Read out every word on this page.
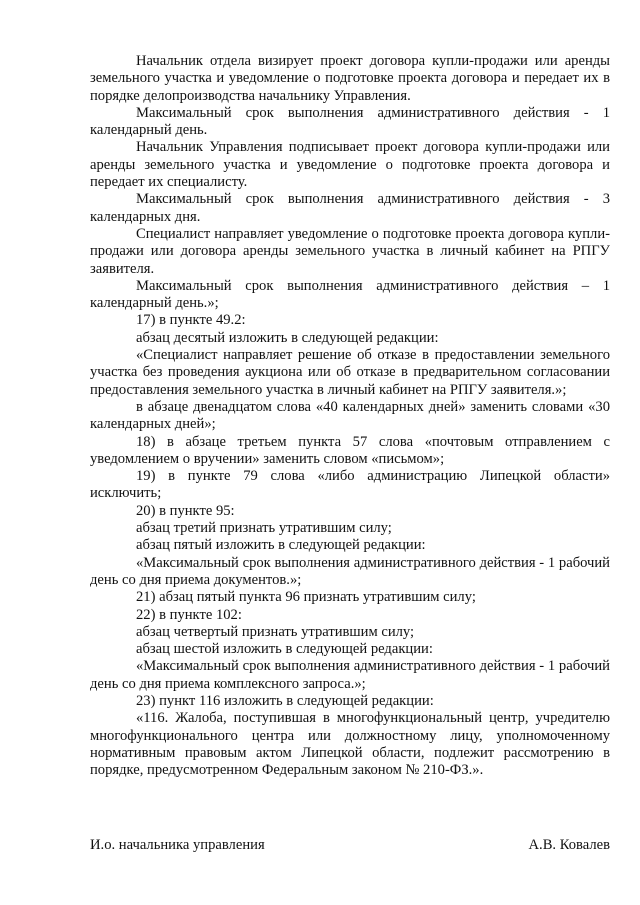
Начальник отдела визирует проект договора купли-продажи или аренды земельного участка и уведомление о подготовке проекта договора и передает их в порядке делопроизводства начальнику Управления.

Максимальный срок выполнения административного действия - 1 календарный день.

Начальник Управления подписывает проект договора купли-продажи или аренды земельного участка и уведомление о подготовке проекта договора и передает их специалисту.

Максимальный срок выполнения административного действия - 3 календарных дня.

Специалист направляет уведомление о подготовке проекта договора купли-продажи или договора аренды земельного участка в личный кабинет на РПГУ заявителя.

Максимальный срок выполнения административного действия – 1 календарный день.»;

17) в пункте 49.2:

абзац десятый изложить в следующей редакции:

«Специалист направляет решение об отказе в предоставлении земельного участка без проведения аукциона или об отказе в предварительном согласовании предоставления земельного участка в личный кабинет на РПГУ заявителя.»;

в абзаце двенадцатом слова «40 календарных дней» заменить словами «30 календарных дней»;

18) в абзаце третьем пункта 57 слова «почтовым отправлением с уведомлением о вручении» заменить словом «письмом»;

19) в пункте 79 слова «либо администрацию Липецкой области» исключить;

20) в пункте 95:

абзац третий признать утратившим силу;

абзац пятый изложить в следующей редакции:

«Максимальный срок выполнения административного действия - 1 рабочий день со дня приема документов.»;

21) абзац пятый пункта 96 признать утратившим силу;

22) в пункте 102:

абзац четвертый признать утратившим силу;

абзац шестой изложить в следующей редакции:

«Максимальный срок выполнения административного действия - 1 рабочий день со дня приема комплексного запроса.»;

23) пункт 116 изложить в следующей редакции:

«116. Жалоба, поступившая в многофункциональный центр, учредителю многофункционального центра или должностному лицу, уполномоченному нормативным правовым актом Липецкой области, подлежит рассмотрению в порядке, предусмотренном Федеральным законом № 210-ФЗ.».

И.о. начальника управления	А.В. Ковалев
